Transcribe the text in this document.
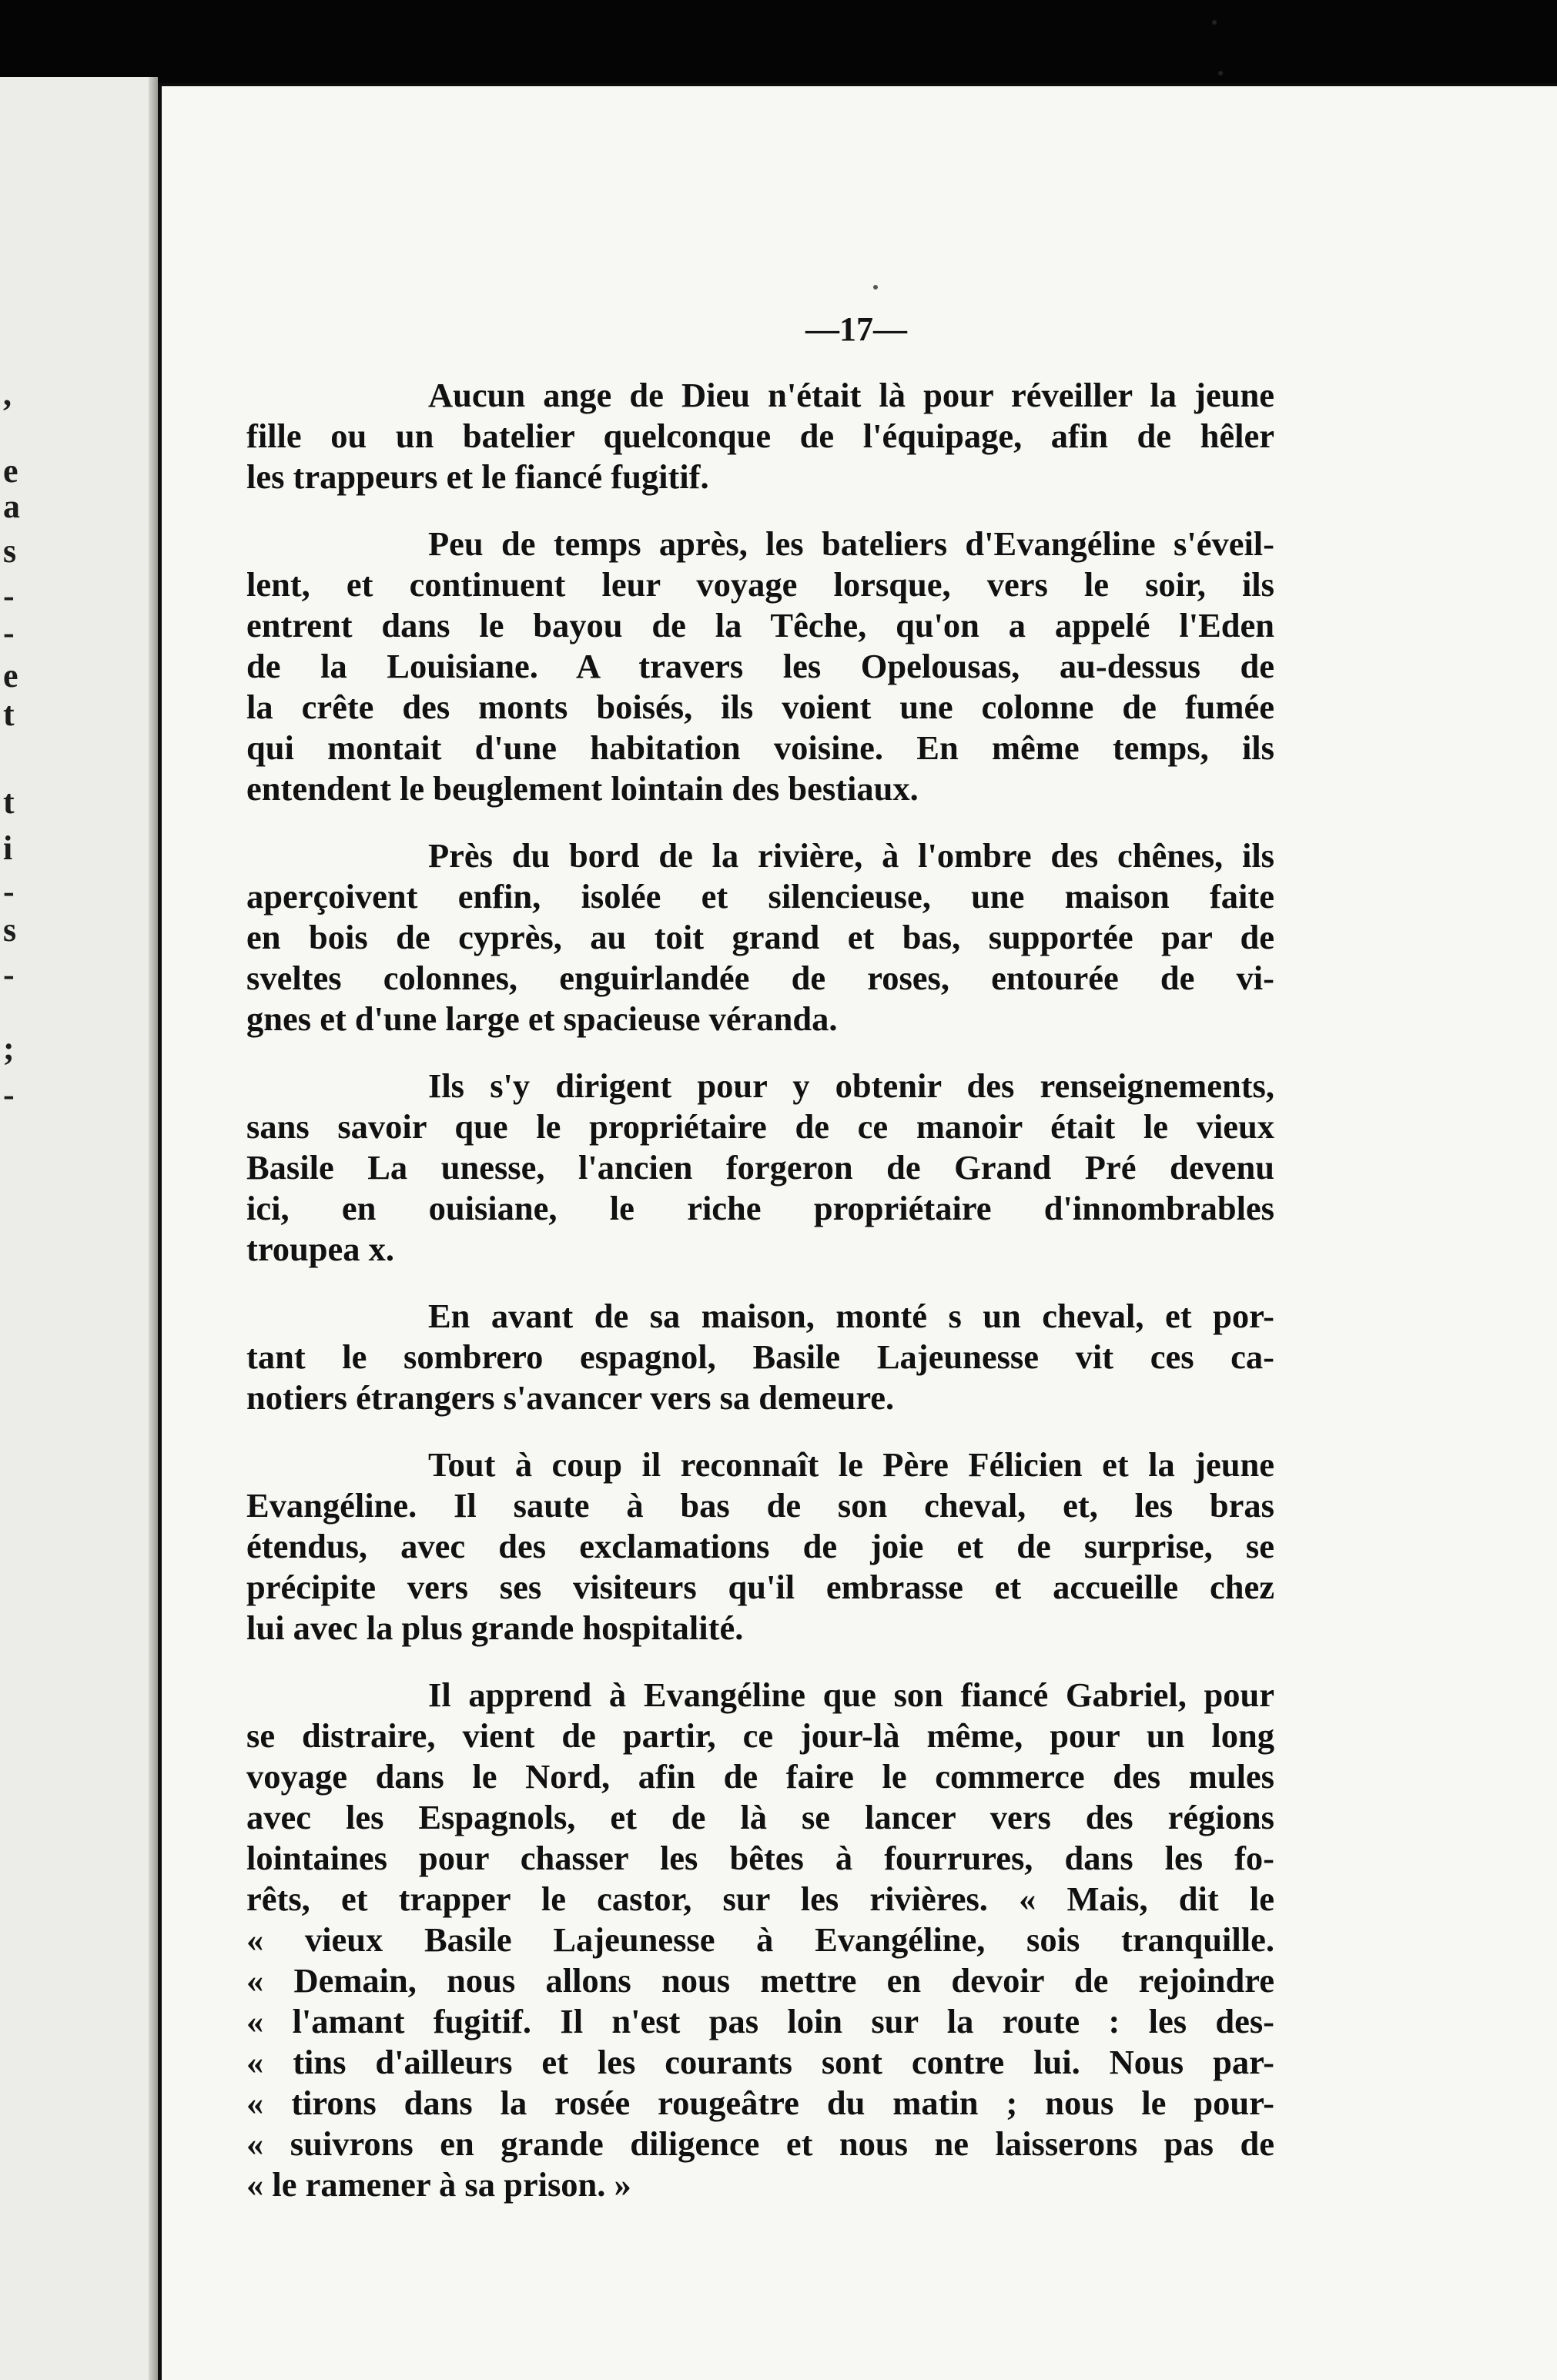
,
e
a
s
-
-
e
t
t
i
-
s
-
;
-
—17—
Aucun ange de Dieu n'était là pour réveiller la jeune
fille ou un batelier quelconque de l'équipage, afin de hêler
les trappeurs et le fiancé fugitif.
Peu de temps après, les bateliers d'Evangéline s'éveil-
lent, et continuent leur voyage lorsque, vers le soir, ils
entrent dans le bayou de la Têche, qu'on a appelé l'Eden
de la Louisiane. A travers les Opelousas, au-dessus de
la crête des monts boisés, ils voient une colonne de fumée
qui montait d'une habitation voisine. En même temps, ils
entendent le beuglement lointain des bestiaux.
Près du bord de la rivière, à l'ombre des chênes, ils
aperçoivent enfin, isolée et silencieuse, une maison faite
en bois de cyprès, au toit grand et bas, supportée par de
sveltes colonnes, enguirlandée de roses, entourée de vi-
gnes et d'une large et spacieuse véranda.
Ils s'y dirigent pour y obtenir des renseignements,
sans savoir que le propriétaire de ce manoir était le vieux
Basile La unesse, l'ancien forgeron de Grand Pré devenu
ici, en ouisiane, le riche propriétaire d'innombrables
troupea x.
En avant de sa maison, monté s un cheval, et por-
tant le sombrero espagnol, Basile Lajeunesse vit ces ca-
notiers étrangers s'avancer vers sa demeure.
Tout à coup il reconnaît le Père Félicien et la jeune
Evangéline. Il saute à bas de son cheval, et, les bras
étendus, avec des exclamations de joie et de surprise, se
précipite vers ses visiteurs qu'il embrasse et accueille chez
lui avec la plus grande hospitalité.
Il apprend à Evangéline que son fiancé Gabriel, pour
se distraire, vient de partir, ce jour-là même, pour un long
voyage dans le Nord, afin de faire le commerce des mules
avec les Espagnols, et de là se lancer vers des régions
lointaines pour chasser les bêtes à fourrures, dans les fo-
rêts, et trapper le castor, sur les rivières. « Mais, dit le
« vieux Basile Lajeunesse à Evangéline, sois tranquille.
« Demain, nous allons nous mettre en devoir de rejoindre
« l'amant fugitif. Il n'est pas loin sur la route : les des-
« tins d'ailleurs et les courants sont contre lui. Nous par-
« tirons dans la rosée rougeâtre du matin ; nous le pour-
« suivrons en grande diligence et nous ne laisserons pas de
« le ramener à sa prison. »
